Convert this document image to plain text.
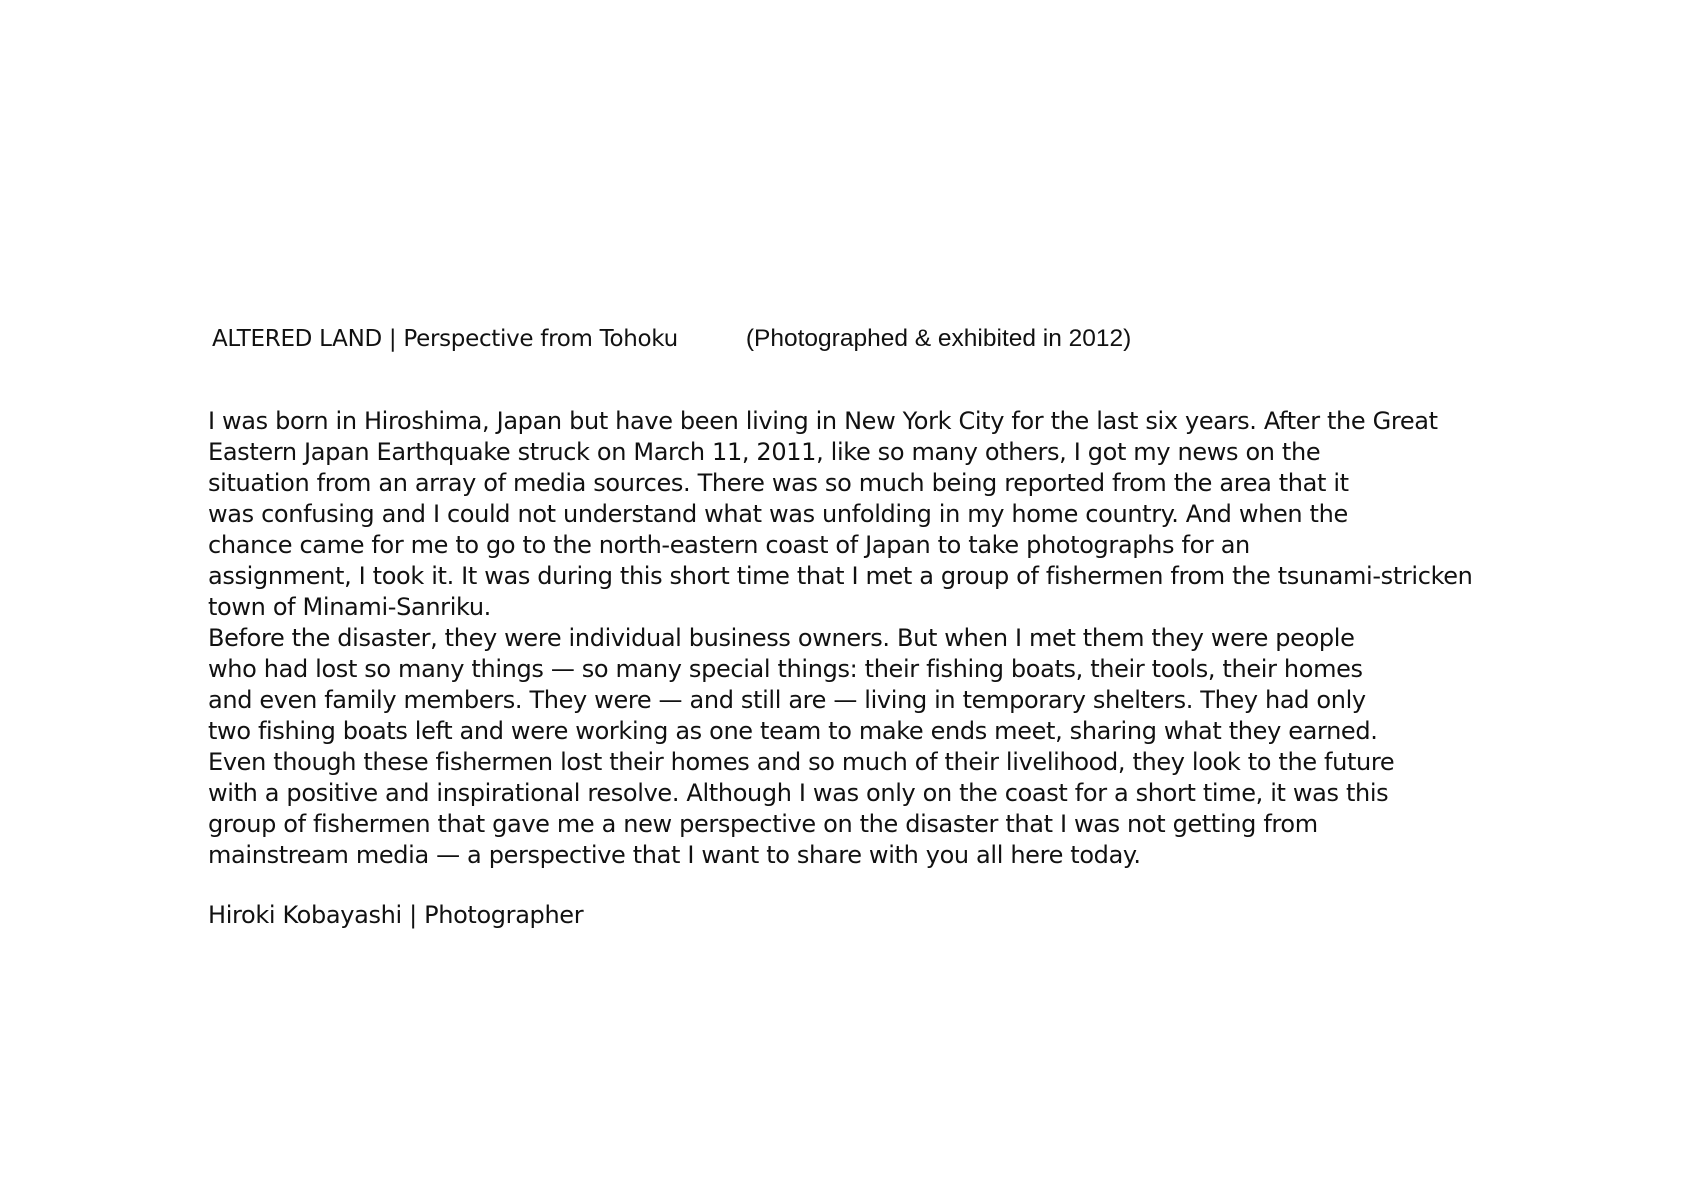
ALTERED LAND | Perspective from Tohoku	(Photographed & exhibited in 2012)
I was born in Hiroshima, Japan but have been living in New York City for the last six years. After the Great
Eastern Japan Earthquake struck on March 11, 2011, like so many others, I got my news on the
situation from an array of media sources. There was so much being reported from the area that it
was confusing and I could not understand what was unfolding in my home country. And when the
chance came for me to go to the north-eastern coast of Japan to take photographs for an
assignment, I took it. It was during this short time that I met a group of fishermen from the tsunami-stricken
town of Minami-Sanriku.
Before the disaster, they were individual business owners. But when I met them they were people
who had lost so many things — so many special things: their fishing boats, their tools, their homes
and even family members. They were — and still are — living in temporary shelters. They had only
two fishing boats left and were working as one team to make ends meet, sharing what they earned.
Even though these fishermen lost their homes and so much of their livelihood, they look to the future
with a positive and inspirational resolve. Although I was only on the coast for a short time, it was this
group of fishermen that gave me a new perspective on the disaster that I was not getting from
mainstream media — a perspective that I want to share with you all here today.
Hiroki Kobayashi | Photographer
